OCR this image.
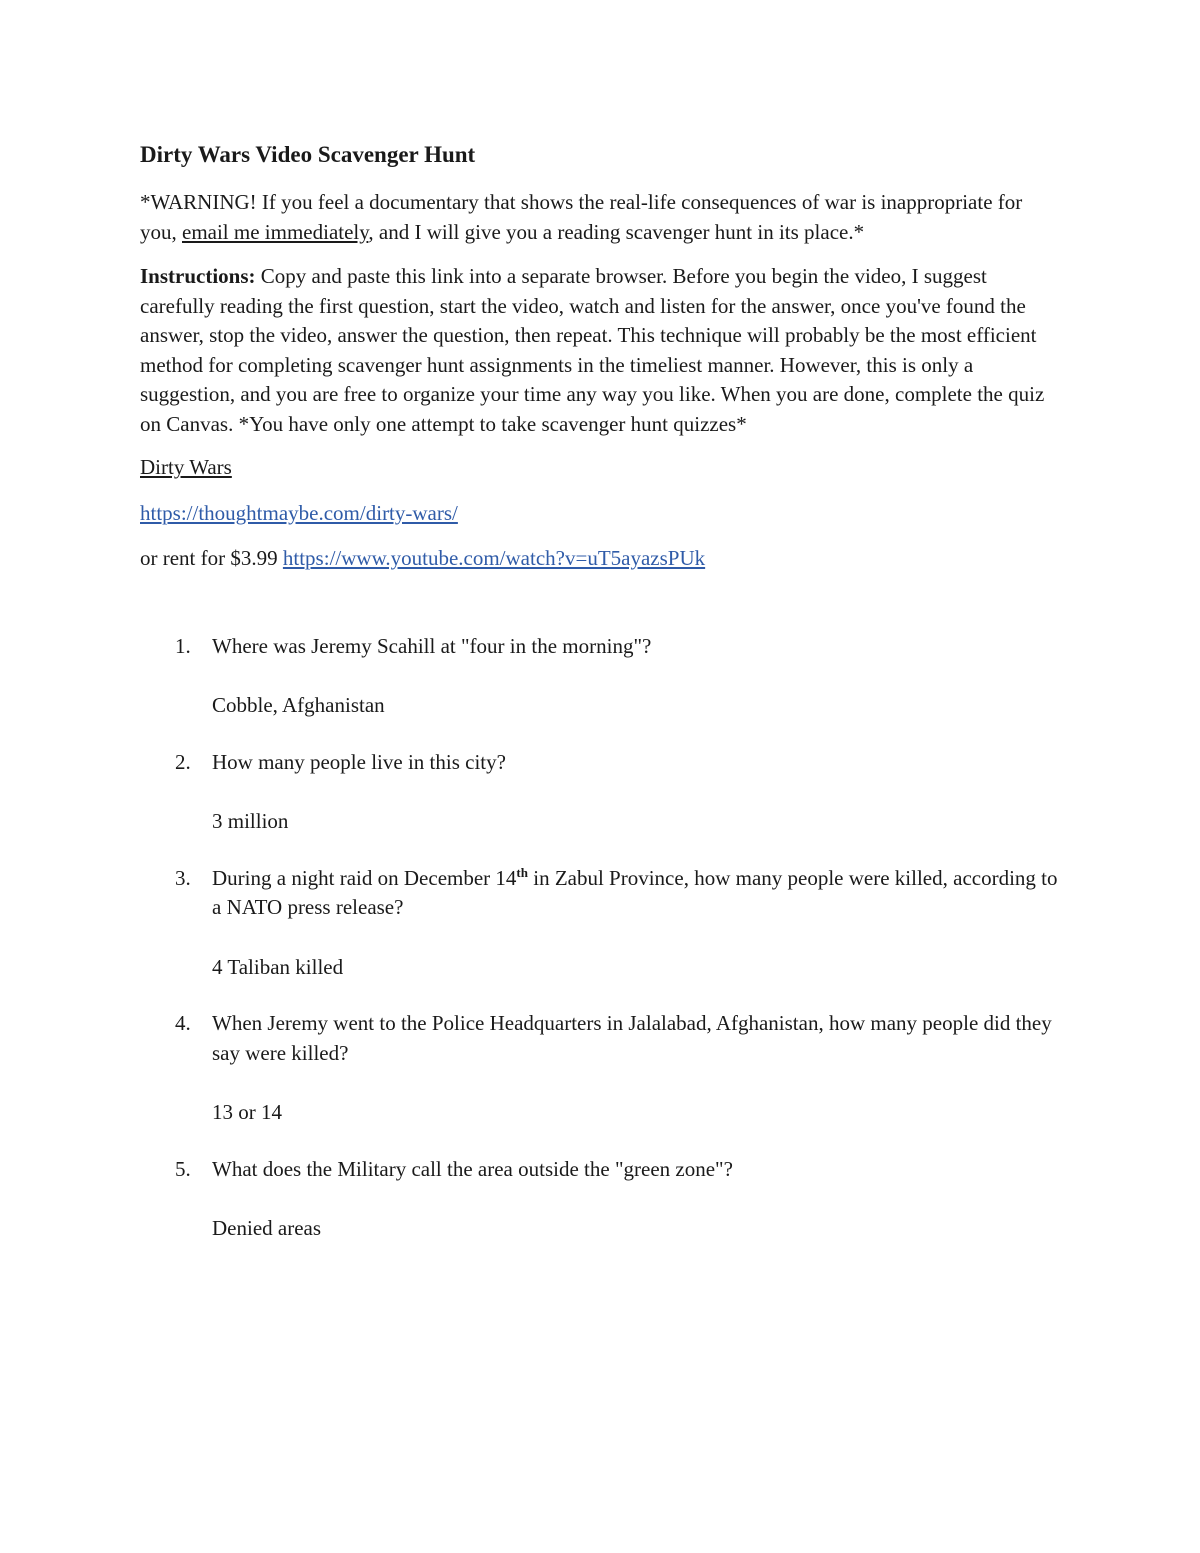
Dirty Wars Video Scavenger Hunt

*WARNING! If you feel a documentary that shows the real-life consequences of war is inappropriate for you, email me immediately, and I will give you a reading scavenger hunt in its place.*

Instructions: Copy and paste this link into a separate browser. Before you begin the video, I suggest carefully reading the first question, start the video, watch and listen for the answer, once you've found the answer, stop the video, answer the question, then repeat. This technique will probably be the most efficient method for completing scavenger hunt assignments in the timeliest manner. However, this is only a suggestion, and you are free to organize your time any way you like. When you are done, complete the quiz on Canvas. *You have only one attempt to take scavenger hunt quizzes*

Dirty Wars

https://thoughtmaybe.com/dirty-wars/

or rent for $3.99 https://www.youtube.com/watch?v=uT5ayazsPUk

1. Where was Jeremy Scahill at "four in the morning"?
Cobble, Afghanistan
2. How many people live in this city?
3 million
3. During a night raid on December 14th in Zabul Province, how many people were killed, according to a NATO press release?
4 Taliban killed
4. When Jeremy went to the Police Headquarters in Jalalabad, Afghanistan, how many people did they say were killed?
13 or 14
5. What does the Military call the area outside the "green zone"?
Denied areas
